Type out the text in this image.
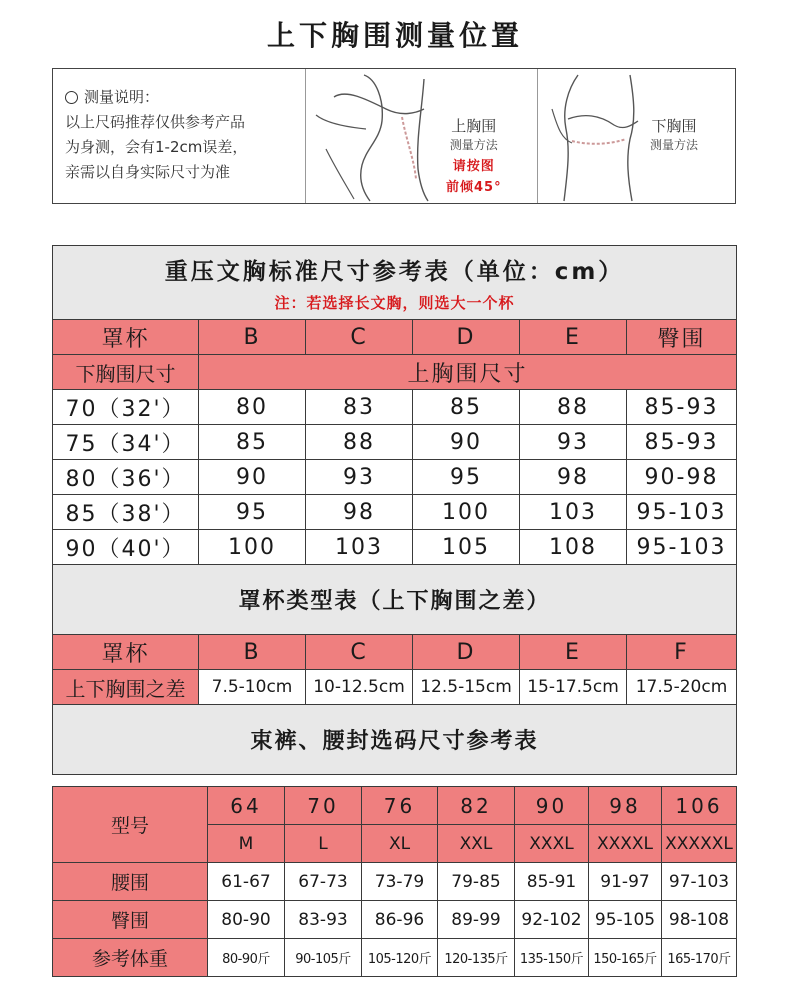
上下胸围测量位置
测量说明：
以上尺码推荐仅供参考产品
为身测，会有1-2cm误差，
亲需以自身实际尺寸为准
上胸围
测量方法
请按图
前倾45°
下胸围
测量方法
重压文胸标准尺寸参考表（单位：cm）
注：若选择长文胸，则选大一个杯					

罩杯	B	C	D	E	臀围
下胸围尺寸	上胸围尺寸				
70（32'）	80	83	85	88	85-93
75（34'）	85	88	90	93	85-93
80（36'）	90	93	95	98	90-98
85（38'）	95	98	100	103	95-103
90（40'）	100	103	105	108	95-103
罩杯类型表（上下胸围之差）					
罩杯	B	C	D	E	F
上下胸围之差	7.5-10cm	10-12.5cm	12.5-15cm	15-17.5cm	17.5-20cm
束裤、腰封选码尺寸参考表					
型号	64	70	76	82	90	98	106
	M	L	XL	XXL	XXXL	XXXXL	XXXXXL
腰围	61-67	67-73	73-79	79-85	85-91	91-97	97-103
臀围	80-90	83-93	86-96	89-99	92-102	95-105	98-108
参考体重	80-90斤	90-105斤	105-120斤	120-135斤	135-150斤	150-165斤	165-170斤
